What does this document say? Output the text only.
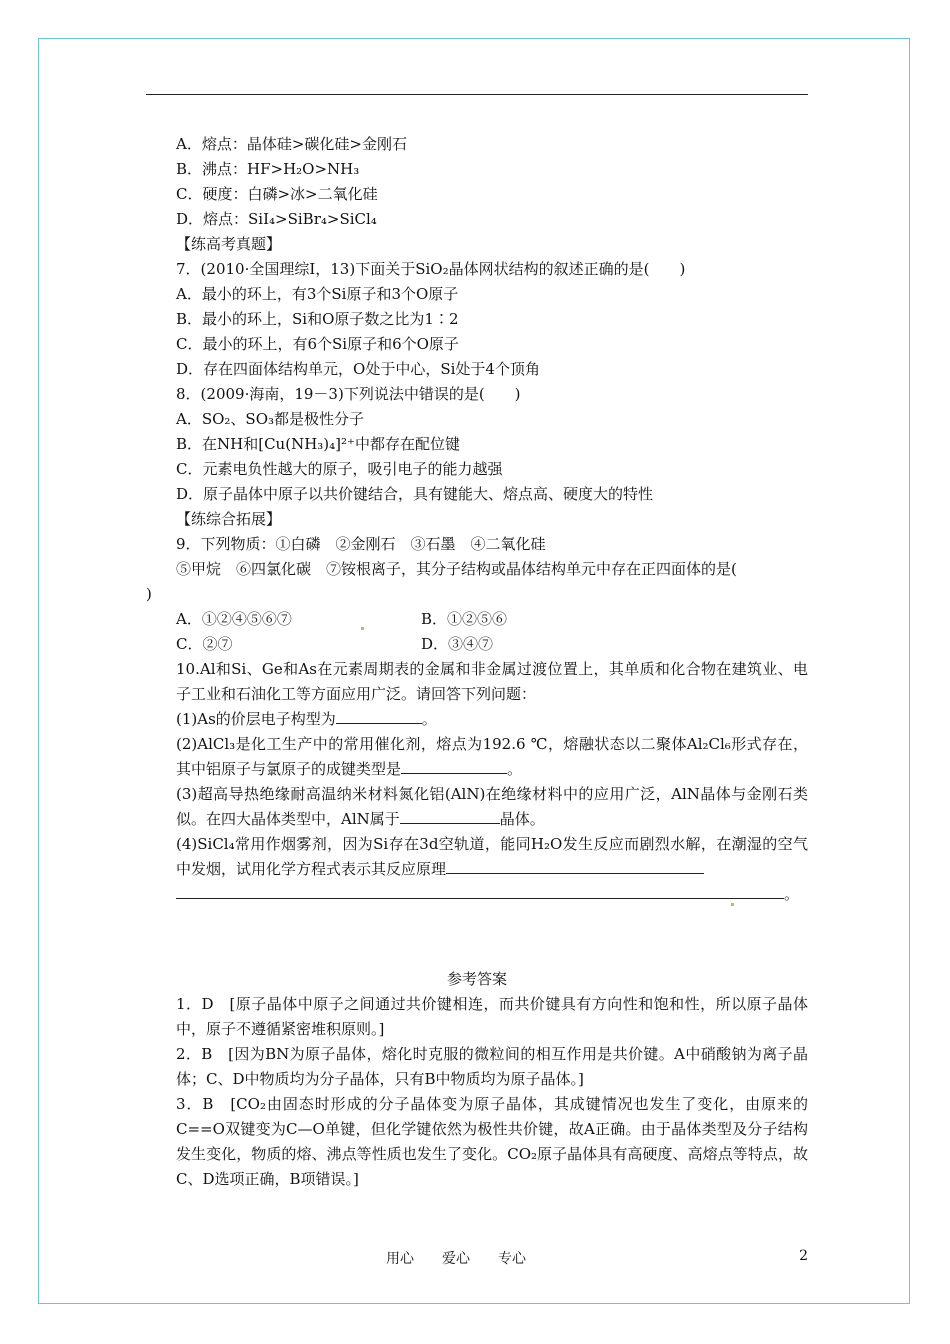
A．熔点：晶体硅>碳化硅>金刚石
B．沸点：HF>H₂O>NH₃
C．硬度：白磷>冰>二氧化硅
D．熔点：SiI₄>SiBr₄>SiCl₄
【练高考真题】
7．(2010·全国理综Ⅰ，13)下面关于SiO₂晶体网状结构的叙述正确的是(　　)
A．最小的环上，有3个Si原子和3个O原子
B．最小的环上，Si和O原子数之比为1∶2
C．最小的环上，有6个Si原子和6个O原子
D．存在四面体结构单元，O处于中心，Si处于4个顶角
8．(2009·海南，19－3)下列说法中错误的是(　　)
A．SO₂、SO₃都是极性分子
B．在NH和[Cu(NH₃)₄]²⁺中都存在配位键
C．元素电负性越大的原子，吸引电子的能力越强
D．原子晶体中原子以共价键结合，具有键能大、熔点高、硬度大的特性
【练综合拓展】
9．下列物质：①白磷　②金刚石　③石墨　④二氧化硅
⑤甲烷　⑥四氯化碳　⑦铵根离子，其分子结构或晶体结构单元中存在正四面体的是(
)
A．①②④⑤⑥⑦	B．①②⑤⑥
C．②⑦	D．③④⑦
10.Al和Si、Ge和As在元素周期表的金属和非金属过渡位置上，其单质和化合物在建筑业、电子工业和石油化工等方面应用广泛。请回答下列问题：
(1)As的价层电子构型为	。
(2)AlCl₃是化工生产中的常用催化剂，熔点为192.6 ℃，熔融状态以二聚体Al₂Cl₆形式存在，其中铝原子与氯原子的成键类型是	。
(3)超高导热绝缘耐高温纳米材料氮化铝(AlN)在绝缘材料中的应用广泛，AlN晶体与金刚石类似。在四大晶体类型中，AlN属于	晶体。
(4)SiCl₄常用作烟雾剂，因为Si存在3d空轨道，能同H₂O发生反应而剧烈水解，在潮湿的空气中发烟，试用化学方程式表示其反应原理
。
参考答案
1．D　[原子晶体中原子之间通过共价键相连，而共价键具有方向性和饱和性，所以原子晶体中，原子不遵循紧密堆积原则。]
2．B　[因为BN为原子晶体，熔化时克服的微粒间的相互作用是共价键。A中硝酸钠为离子晶体；C、D中物质均为分子晶体，只有B中物质均为原子晶体。]
3．B　[CO₂由固态时形成的分子晶体变为原子晶体，其成键情况也发生了变化，由原来的C==O双键变为C—O单键，但化学键依然为极性共价键，故A正确。由于晶体类型及分子结构发生变化，物质的熔、沸点等性质也发生了变化。CO₂原子晶体具有高硬度、高熔点等特点，故C、D选项正确，B项错误。]
用心　　爱心　　专心	2
